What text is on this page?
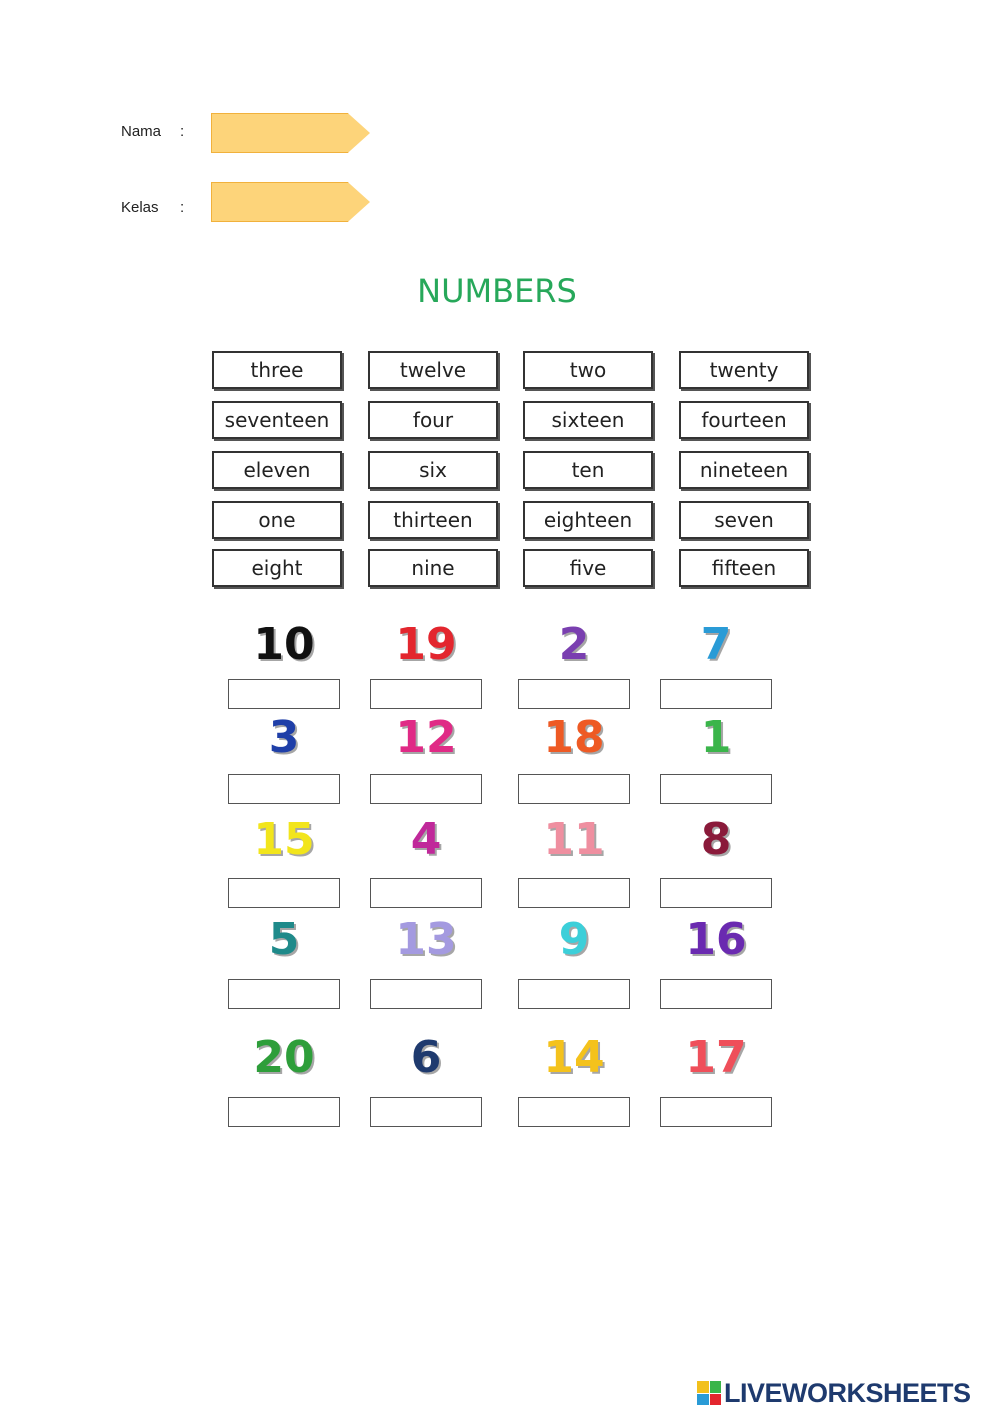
Nama :
Kelas :
NUMBERS
three	twelve	two	twenty
seventeen	four	sixteen	fourteen
eleven	six	ten	nineteen
one	thirteen	eighteen	seven
eight	nine	five	fifteen
10	19	2	7
3	12	18	1
15	4	11	8
5	13	9	16
20	6	14	17
LIVEWORKSHEETS
